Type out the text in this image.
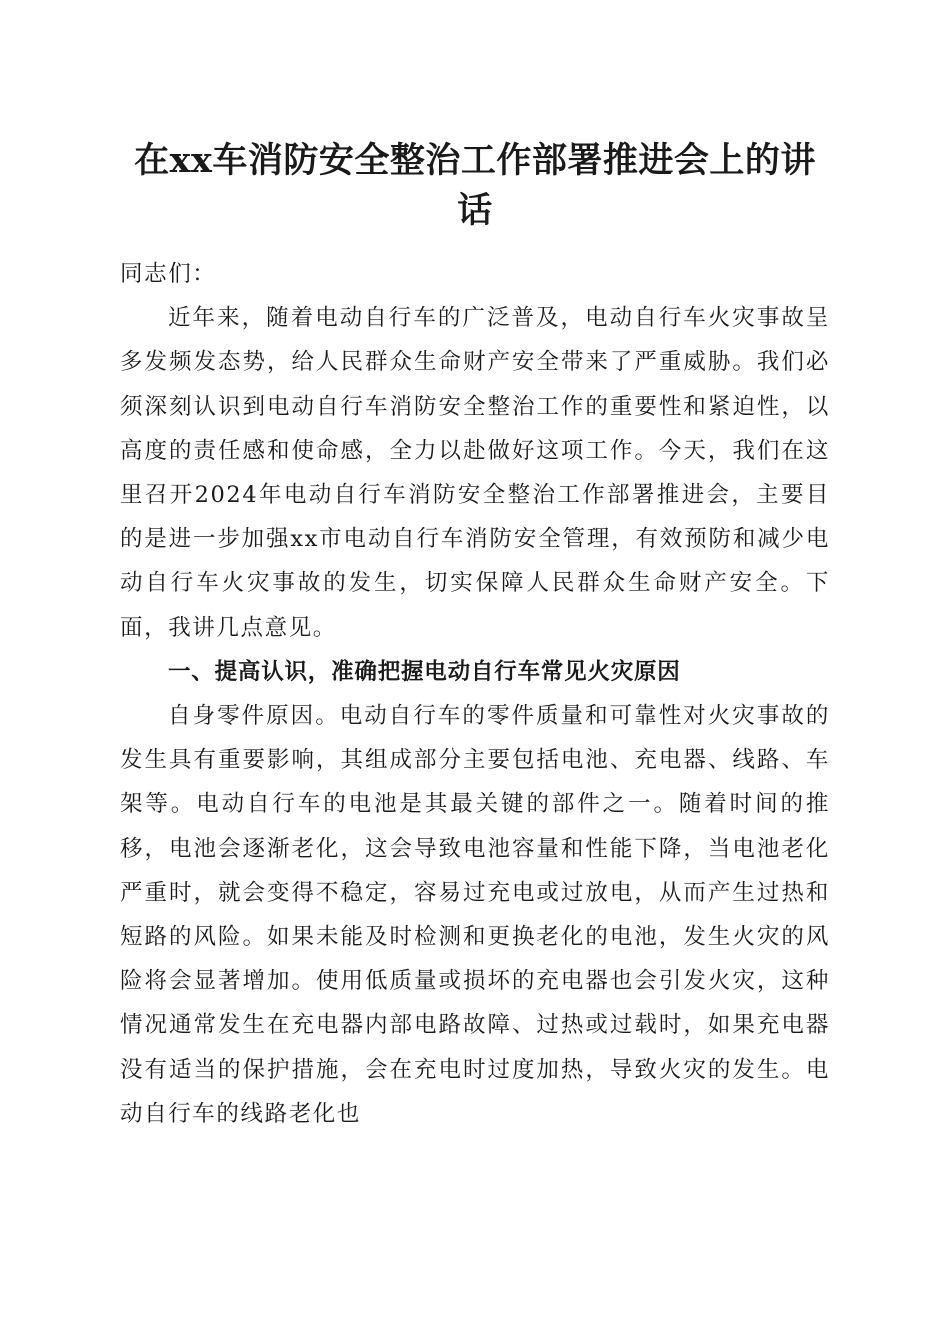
在xx车消防安全整治工作部署推进会上的讲话

同志们：

近年来，随着电动自行车的广泛普及，电动自行车火灾事故呈多发频发态势，给人民群众生命财产安全带来了严重威胁。我们必须深刻认识到电动自行车消防安全整治工作的重要性和紧迫性，以高度的责任感和使命感，全力以赴做好这项工作。今天，我们在这里召开2024年电动自行车消防安全整治工作部署推进会，主要目的是进一步加强xx市电动自行车消防安全管理，有效预防和减少电动自行车火灾事故的发生，切实保障人民群众生命财产安全。下面，我讲几点意见。

一、提高认识，准确把握电动自行车常见火灾原因

自身零件原因。电动自行车的零件质量和可靠性对火灾事故的发生具有重要影响，其组成部分主要包括电池、充电器、线路、车架等。电动自行车的电池是其最关键的部件之一。随着时间的推移，电池会逐渐老化，这会导致电池容量和性能下降，当电池老化严重时，就会变得不稳定，容易过充电或过放电，从而产生过热和短路的风险。如果未能及时检测和更换老化的电池，发生火灾的风险将会显著增加。使用低质量或损坏的充电器也会引发火灾，这种情况通常发生在充电器内部电路故障、过热或过载时，如果充电器没有适当的保护措施，会在充电时过度加热，导致火灾的发生。电动自行车的线路老化也
